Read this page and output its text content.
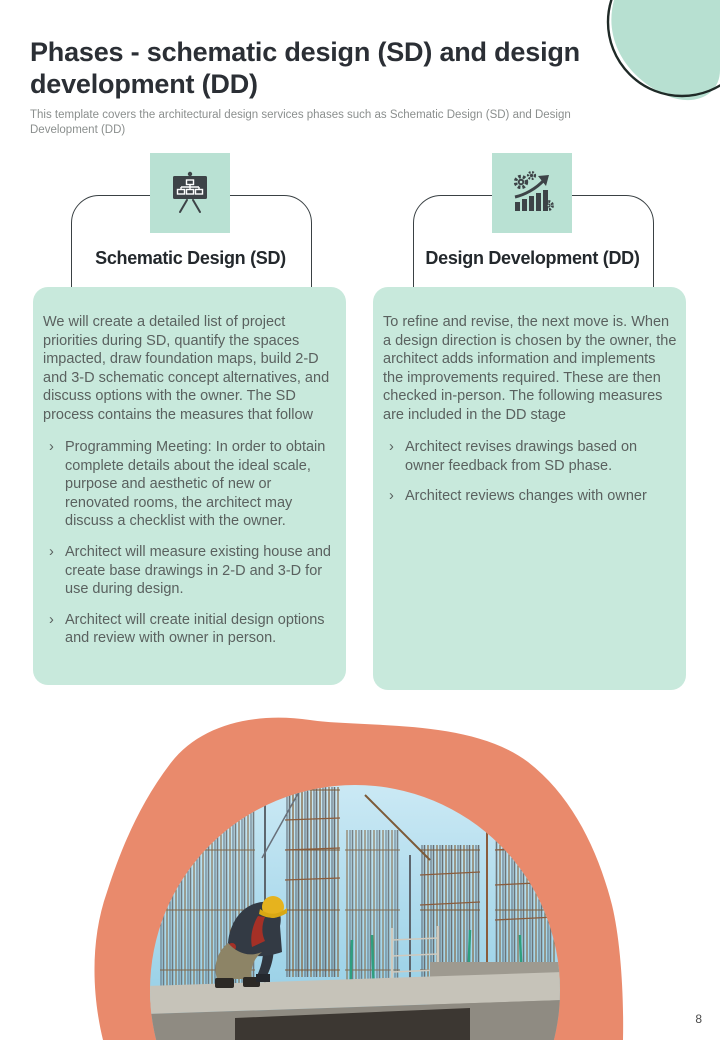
Phases - schematic design (SD) and design development (DD)

This template covers the architectural design services phases such as Schematic Design (SD) and Design Development (DD)

Schematic Design (SD)

We will create a detailed list of project priorities during SD, quantify the spaces impacted, draw foundation maps, build 2-D and 3-D schematic concept alternatives, and discuss options with the owner. The SD process contains the measures that follow

› Programming Meeting: In order to obtain complete details about the ideal scale, purpose and aesthetic of new or renovated rooms, the architect may discuss a checklist with the owner.
› Architect will measure existing house and create base drawings in 2-D and 3-D for use during design.
› Architect will create initial design options and review with owner in person.
Design Development (DD)

To refine and revise, the next move is. When a design direction is chosen by the owner, the architect adds information and implements the improvements required. These are then checked in-person. The following measures are included in the DD stage

› Architect revises drawings based on owner feedback from SD phase.
› Architect reviews changes with owner
8
